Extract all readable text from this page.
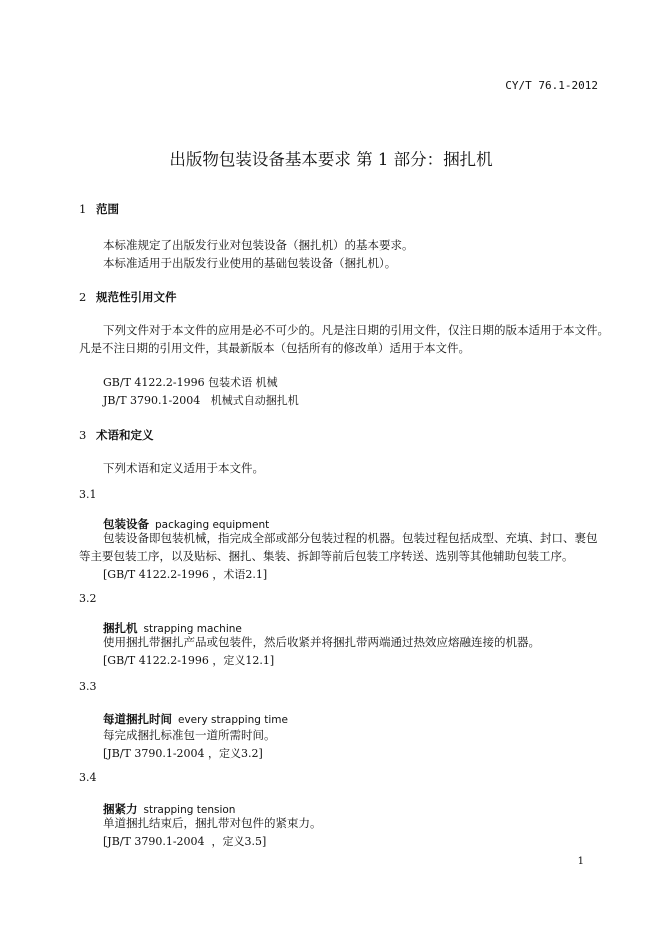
CY/T 76.1-2012
出版物包装设备基本要求 第 1 部分：捆扎机
1 范围
本标准规定了出版发行业对包装设备（捆扎机）的基本要求。
本标准适用于出版发行业使用的基础包装设备（捆扎机）。
2 规范性引用文件
下列文件对于本文件的应用是必不可少的。凡是注日期的引用文件，仅注日期的版本适用于本文件。
凡是不注日期的引用文件，其最新版本（包括所有的修改单）适用于本文件。
GB/T 4122.2-1996 包装术语 机械
JB/T 3790.1-2004   机械式自动捆扎机
3 术语和定义
下列术语和定义适用于本文件。
3.1
包装设备 packaging equipment
包装设备即包装机械，指完成全部或部分包装过程的机器。包装过程包括成型、充填、封口、裹包
等主要包装工序，以及贴标、捆扎、集装、拆卸等前后包装工序转送、选别等其他辅助包装工序。
[GB/T 4122.2-1996 ，术语2.1]
3.2
捆扎机 strapping machine
使用捆扎带捆扎产品或包装件，然后收紧并将捆扎带两端通过热效应熔融连接的机器。
[GB/T 4122.2-1996 ，定义12.1]
3.3
每道捆扎时间 every strapping time
每完成捆扎标准包一道所需时间。
[JB/T 3790.1-2004 ，定义3.2]
3.4
捆紧力 strapping tension
单道捆扎结束后，捆扎带对包件的紧束力。
[JB/T 3790.1-2004  ，定义3.5]
1
